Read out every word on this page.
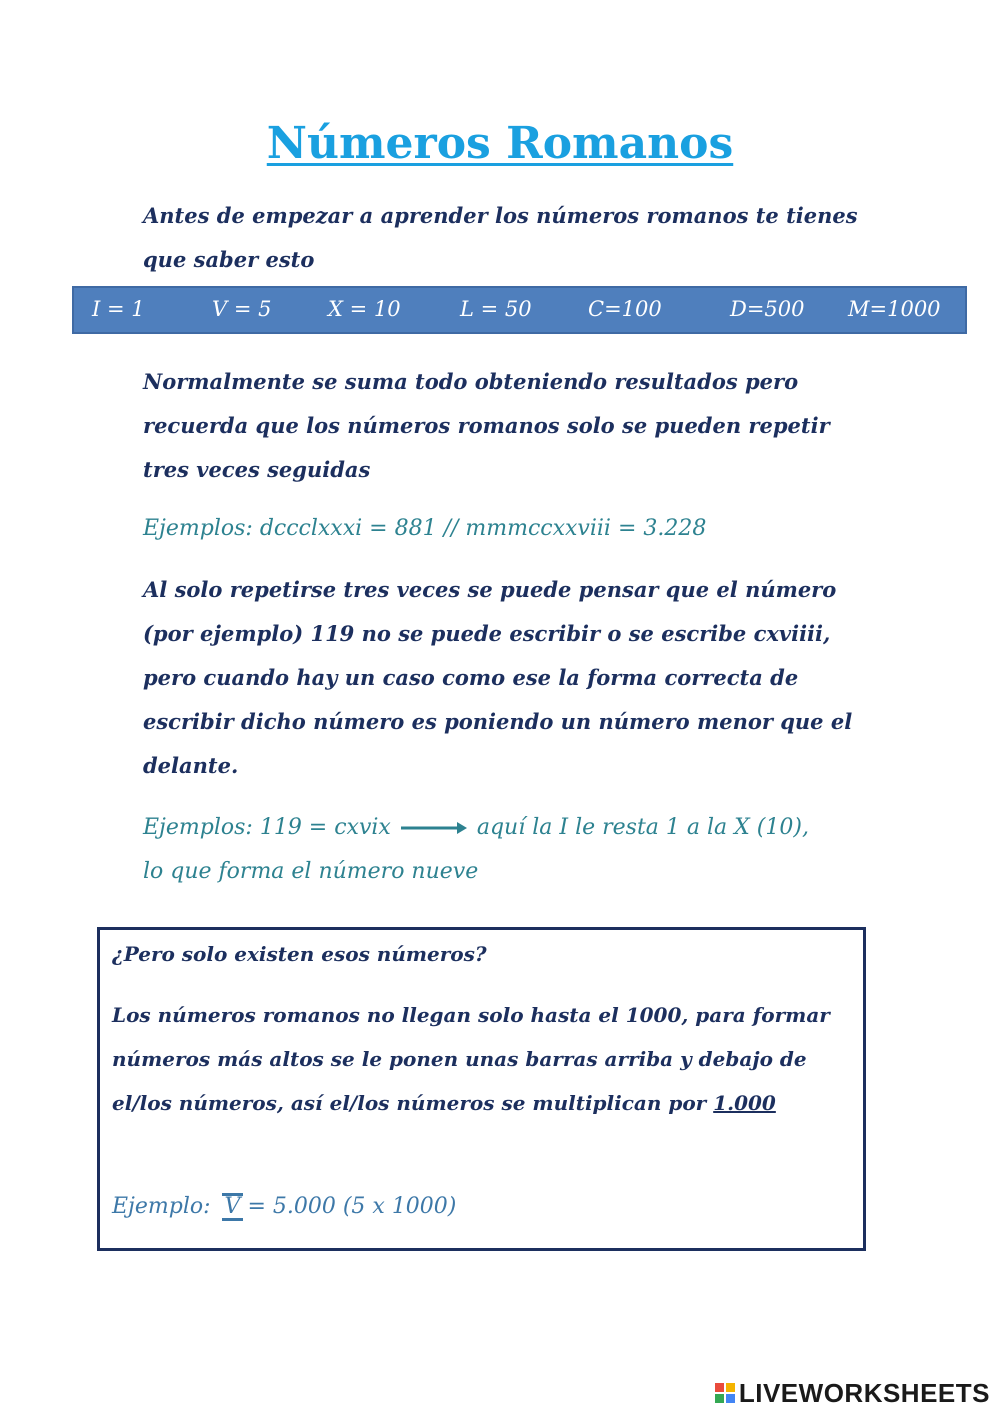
Números Romanos

Antes de empezar a aprender los números romanos te tienes que saber esto

I = 1	V = 5	X = 10	L = 50	C=100	D=500 M=1000

Normalmente se suma todo obteniendo resultados pero recuerda que los números romanos solo se pueden repetir tres veces seguidas

Ejemplos: dccclxxxi = 881 // mmmccxxviii = 3.228

Al solo repetirse tres veces se puede pensar que el número (por ejemplo) 119 no se puede escribir o se escribe cxviiii, pero cuando hay un caso como ese la forma correcta de escribir dicho número es poniendo un número menor que el delante.

Ejemplos: 119 = cxvix	aquí la I le resta 1 a la X (10),
lo que forma el número nueve

¿Pero solo existen esos números?

Los números romanos no llegan solo hasta el 1000, para formar números más altos se le ponen unas barras arriba y debajo de el/los números, así el/los números se multiplican por 1.000

Ejemplo: V = 5.000 (5 x 1000)

LIVEWORKSHEETS
